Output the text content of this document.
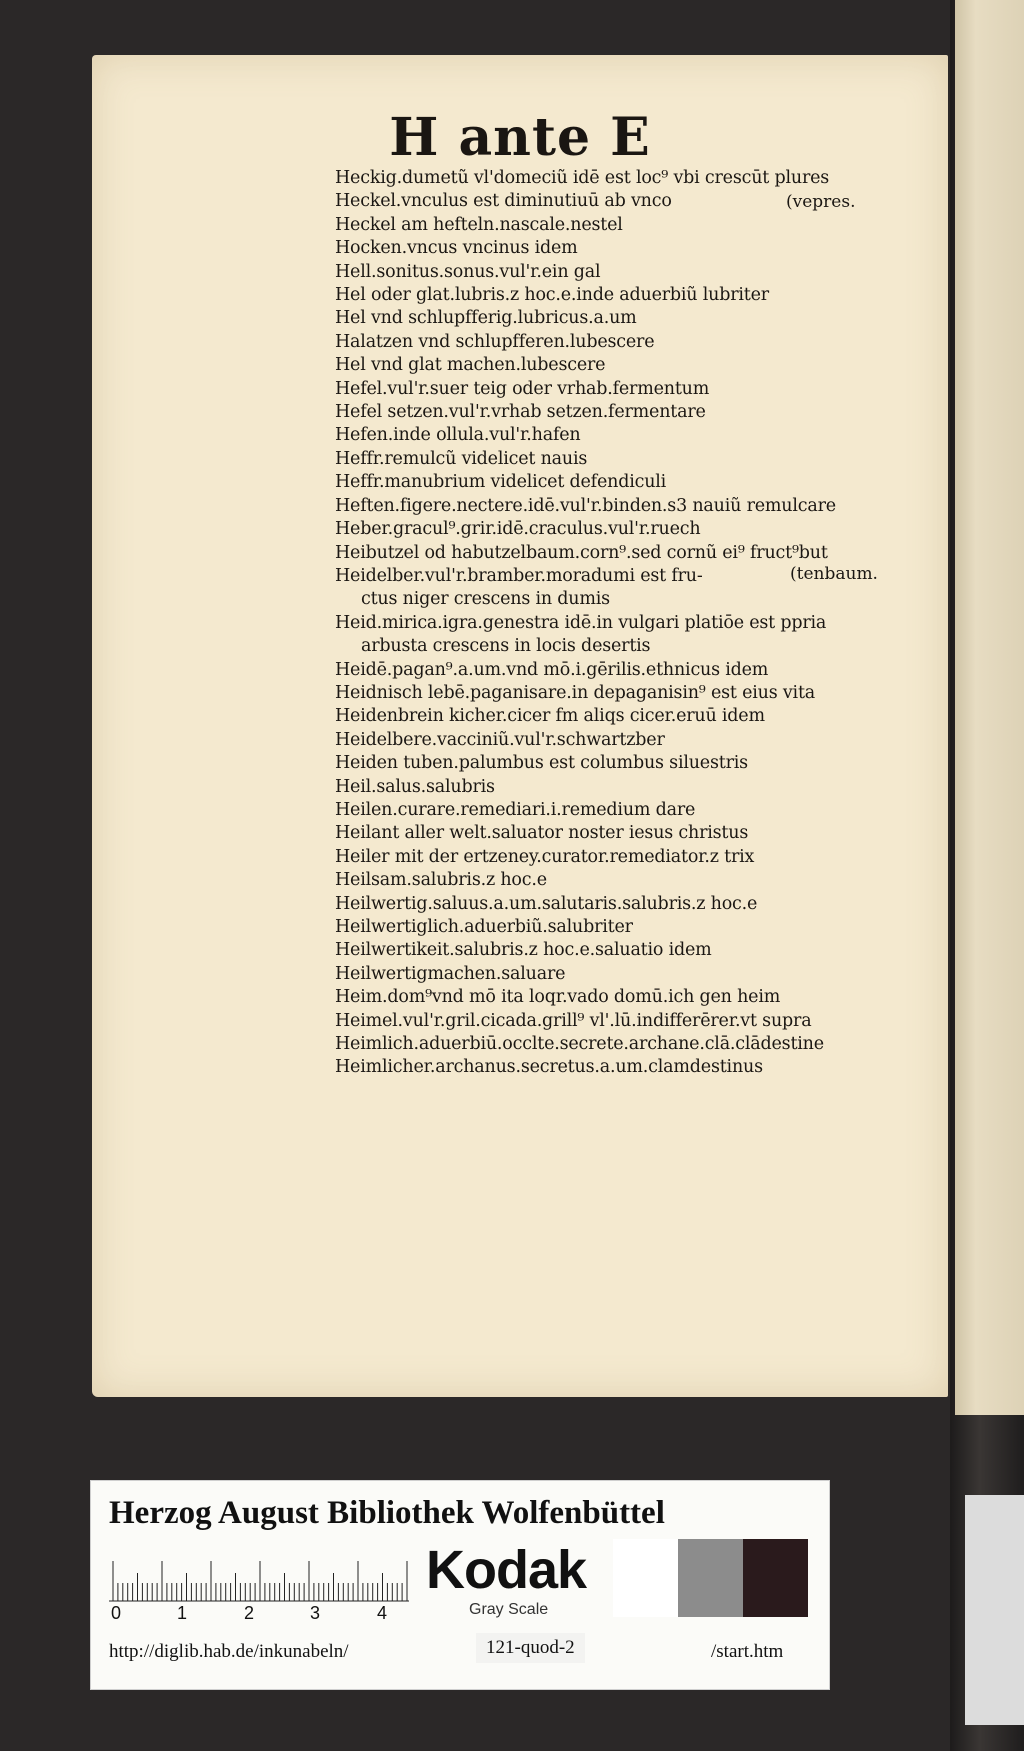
H ante E
Heckig.dumetũ vl'domeciũ idē est loc⁹ vbi crescūt plures
Heckel.vnculus est diminutiuū ab vnco
Heckel am hefteln.nascale.nestel
Hocken.vncus vncinus idem
Hell.sonitus.sonus.vul'r.ein gal
Hel oder glat.lubris.z hoc.e.inde aduerbiũ lubriter
Hel vnd schlupfferig.lubricus.a.um
Halatzen vnd schlupfferen.lubescere
Hel vnd glat machen.lubescere
Hefel.vul'r.suer teig oder vrhab.fermentum
Hefel setzen.vul'r.vrhab setzen.fermentare
Hefen.inde ollula.vul'r.hafen
Heffr.remulcũ videlicet nauis
Heffr.manubrium videlicet defendiculi
Heften.figere.nectere.idē.vul'r.binden.s3 nauiũ remulcare
Heber.gracul⁹.grir.idē.craculus.vul'r.ruech
Heibutzel od habutzelbaum.corn⁹.sed cornũ ei⁹ fruct⁹but
Heidelber.vul'r.bramber.moradumi est fru-
ctus niger crescens in dumis
Heid.mirica.igra.genestra idē.in vulgari platiōe est ppria
arbusta crescens in locis desertis
Heidē.pagan⁹.a.um.vnd mō.i.gērilis.ethnicus idem
Heidnisch lebē.paganisare.in depaganisin⁹ est eius vita
Heidenbrein kicher.cicer fm aliqs cicer.eruū idem
Heidelbere.vacciniũ.vul'r.schwartzber
Heiden tuben.palumbus est columbus siluestris
Heil.salus.salubris
Heilen.curare.remediari.i.remedium dare
Heilant aller welt.saluator noster iesus christus
Heiler mit der ertzeney.curator.remediator.z trix
Heilsam.salubris.z hoc.e
Heilwertig.saluus.a.um.salutaris.salubris.z hoc.e
Heilwertiglich.aduerbiũ.salubriter
Heilwertikeit.salubris.z hoc.e.saluatio idem
Heilwertigmachen.saluare
Heim.dom⁹vnd mō ita loqr.vado domū.ich gen heim
Heimel.vul'r.gril.cicada.grill⁹ vl'.lū.indifferērer.vt supra
Heimlich.aduerbiū.occlte.secrete.archane.clā.clādestine
Heimlicher.archanus.secretus.a.um.clamdestinus
(vepres.
(tenbaum.
Herzog August Bibliothek Wolfenbüttel
0	1	2	3	4
Kodak
Gray Scale
http://diglib.hab.de/inkunabeln/	121-quod-2	/start.htm
